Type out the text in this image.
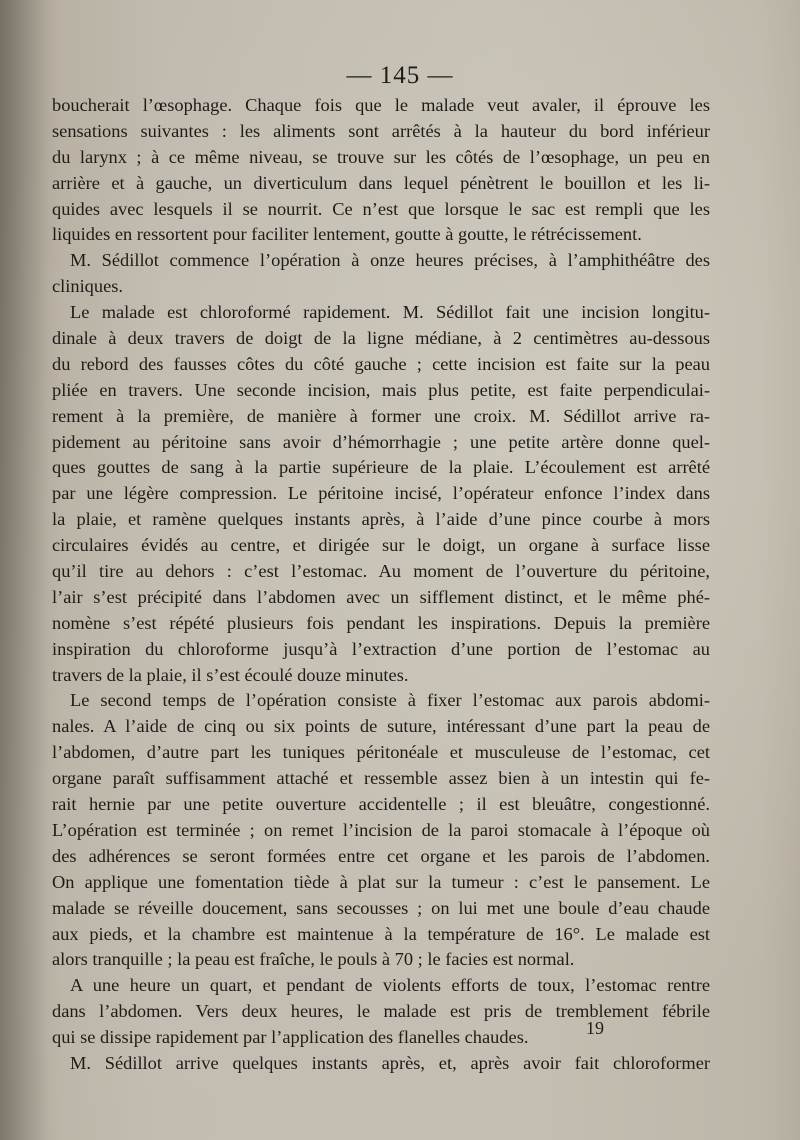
— 145 —
boucherait l’œsophage. Chaque fois que le malade veut avaler, il éprouve les
sensations suivantes : les aliments sont arrêtés à la hauteur du bord inférieur
du larynx ; à ce même niveau, se trouve sur les côtés de l’œsophage, un peu en
arrière et à gauche, un diverticulum dans lequel pénètrent le bouillon et les li-
quides avec lesquels il se nourrit. Ce n’est que lorsque le sac est rempli que les
liquides en ressortent pour faciliter lentement, goutte à goutte, le rétrécissement.
M. Sédillot commence l’opération à onze heures précises, à l’amphithéâtre des
cliniques.
Le malade est chloroformé rapidement. M. Sédillot fait une incision longitu-
dinale à deux travers de doigt de la ligne médiane, à 2 centimètres au-dessous
du rebord des fausses côtes du côté gauche ; cette incision est faite sur la peau
pliée en travers. Une seconde incision, mais plus petite, est faite perpendiculai-
rement à la première, de manière à former une croix. M. Sédillot arrive ra-
pidement au péritoine sans avoir d’hémorrhagie ; une petite artère donne quel-
ques gouttes de sang à la partie supérieure de la plaie. L’écoulement est arrêté
par une légère compression. Le péritoine incisé, l’opérateur enfonce l’index dans
la plaie, et ramène quelques instants après, à l’aide d’une pince courbe à mors
circulaires évidés au centre, et dirigée sur le doigt, un organe à surface lisse
qu’il tire au dehors : c’est l’estomac. Au moment de l’ouverture du péritoine,
l’air s’est précipité dans l’abdomen avec un sifflement distinct, et le même phé-
nomène s’est répété plusieurs fois pendant les inspirations. Depuis la première
inspiration du chloroforme jusqu’à l’extraction d’une portion de l’estomac au
travers de la plaie, il s’est écoulé douze minutes.
Le second temps de l’opération consiste à fixer l’estomac aux parois abdomi-
nales. A l’aide de cinq ou six points de suture, intéressant d’une part la peau de
l’abdomen, d’autre part les tuniques péritonéale et musculeuse de l’estomac, cet
organe paraît suffisamment attaché et ressemble assez bien à un intestin qui fe-
rait hernie par une petite ouverture accidentelle ; il est bleuâtre, congestionné.
L’opération est terminée ; on remet l’incision de la paroi stomacale à l’époque où
des adhérences se seront formées entre cet organe et les parois de l’abdomen.
On applique une fomentation tiède à plat sur la tumeur : c’est le pansement. Le
malade se réveille doucement, sans secousses ; on lui met une boule d’eau chaude
aux pieds, et la chambre est maintenue à la température de 16°. Le malade est
alors tranquille ; la peau est fraîche, le pouls à 70 ; le facies est normal.
A une heure un quart, et pendant de violents efforts de toux, l’estomac rentre
dans l’abdomen. Vers deux heures, le malade est pris de tremblement fébrile
qui se dissipe rapidement par l’application des flanelles chaudes.
M. Sédillot arrive quelques instants après, et, après avoir fait chloroformer
19
